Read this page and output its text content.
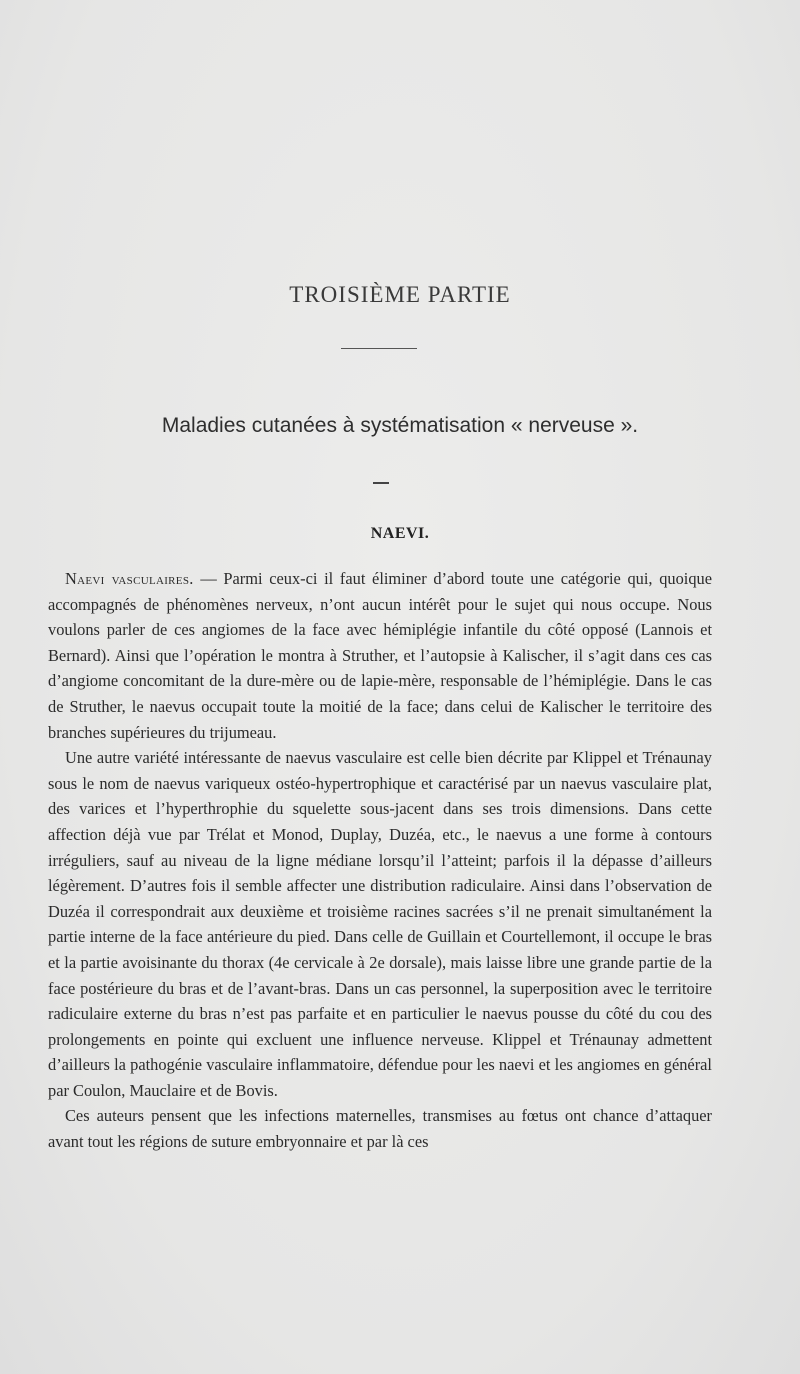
TROISIÈME PARTIE
Maladies cutanées à systématisation « nerveuse ».
NAEVI.

Naevi vasculaires. — Parmi ceux-ci il faut éliminer d’abord toute une catégorie qui, quoique accompagnés de phénomènes nerveux, n’ont aucun intérêt pour le sujet qui nous occupe. Nous voulons parler de ces angiomes de la face avec hémiplégie infantile du côté opposé (Lannois et Bernard). Ainsi que l’opération le montra à Struther, et l’autopsie à Kalischer, il s’agit dans ces cas d’angiome concomitant de la dure-mère ou de lapie-mère, responsable de l’hémiplégie. Dans le cas de Struther, le naevus occupait toute la moitié de la face; dans celui de Kalischer le territoire des branches supérieures du trijumeau.

Une autre variété intéressante de naevus vasculaire est celle bien décrite par Klippel et Trénaunay sous le nom de naevus variqueux ostéo-hypertrophique et caractérisé par un naevus vasculaire plat, des varices et l’hyperthrophie du squelette sous-jacent dans ses trois dimensions. Dans cette affection déjà vue par Trélat et Monod, Duplay, Duzéa, etc., le naevus a une forme à contours irréguliers, sauf au niveau de la ligne médiane lorsqu’il l’atteint; parfois il la dépasse d’ailleurs légèrement. D’autres fois il semble affecter une distribution radiculaire. Ainsi dans l’observation de Duzéa il correspondrait aux deuxième et troisième racines sacrées s’il ne prenait simultanément la partie interne de la face antérieure du pied. Dans celle de Guillain et Courtellemont, il occupe le bras et la partie avoisinante du thorax (4e cervicale à 2e dorsale), mais laisse libre une grande partie de la face postérieure du bras et de l’avant-bras. Dans un cas personnel, la superposition avec le territoire radiculaire externe du bras n’est pas parfaite et en particulier le naevus pousse du côté du cou des prolongements en pointe qui excluent une influence nerveuse. Klippel et Trénaunay admettent d’ailleurs la pathogénie vasculaire inflammatoire, défendue pour les naevi et les angiomes en général par Coulon, Mauclaire et de Bovis.

Ces auteurs pensent que les infections maternelles, transmises au fœtus ont chance d’attaquer avant tout les régions de suture embryonnaire et par là ces
